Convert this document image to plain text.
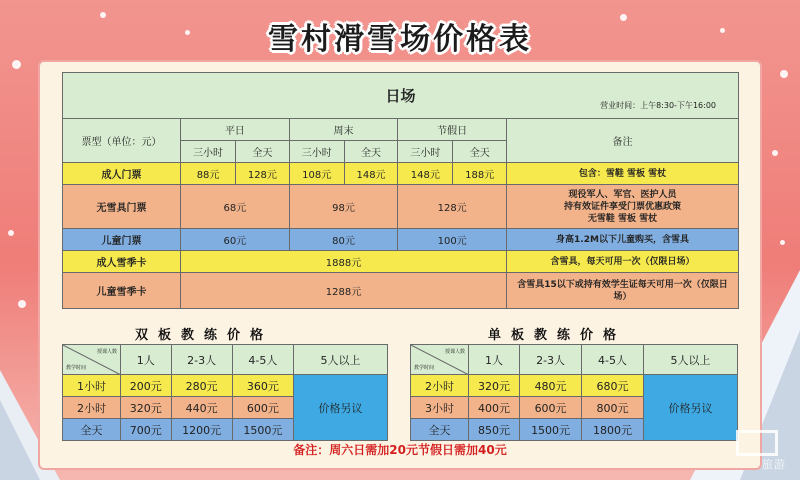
雪村滑雪场价格表
日场
营业时间：上午8:30-下午16:00							

票型（单位：元）	平日		周末		节假日		备注
	三小时	全天	三小时	全天	三小时	全天	
成人门票	88元	128元	108元	148元	148元	188元	包含：雪鞋 雪板 雪杖
无雪具门票	68元		98元		128元		现役军人、军官、医护人员
持有效证件享受门票优惠政策
无雪鞋 雪板 雪杖
儿童门票	60元		80元		100元		身高1.2M以下儿童购买，含雪具
成人雪季卡	1888元						含雪具，每天可用一次（仅限日场）
儿童雪季卡	1288元						含雪具15以下或持有效学生证每天可用一次（仅限日场）
双板教练价格	单板教练价格
授课人数
教学时间	1人	2-3人	4-5人	5人以上
1小时	200元	280元	360元	价格另议
2小时	320元	440元	600元	
全天	700元	1200元	1500元	
授课人数
教学时间	1人	2-3人	4-5人	5人以上
2小时	320元	480元	680元	价格另议
3小时	400元	600元	800元	
全天	850元	1500元	1800元	
备注：周六日需加20元节假日需加40元
旅游
